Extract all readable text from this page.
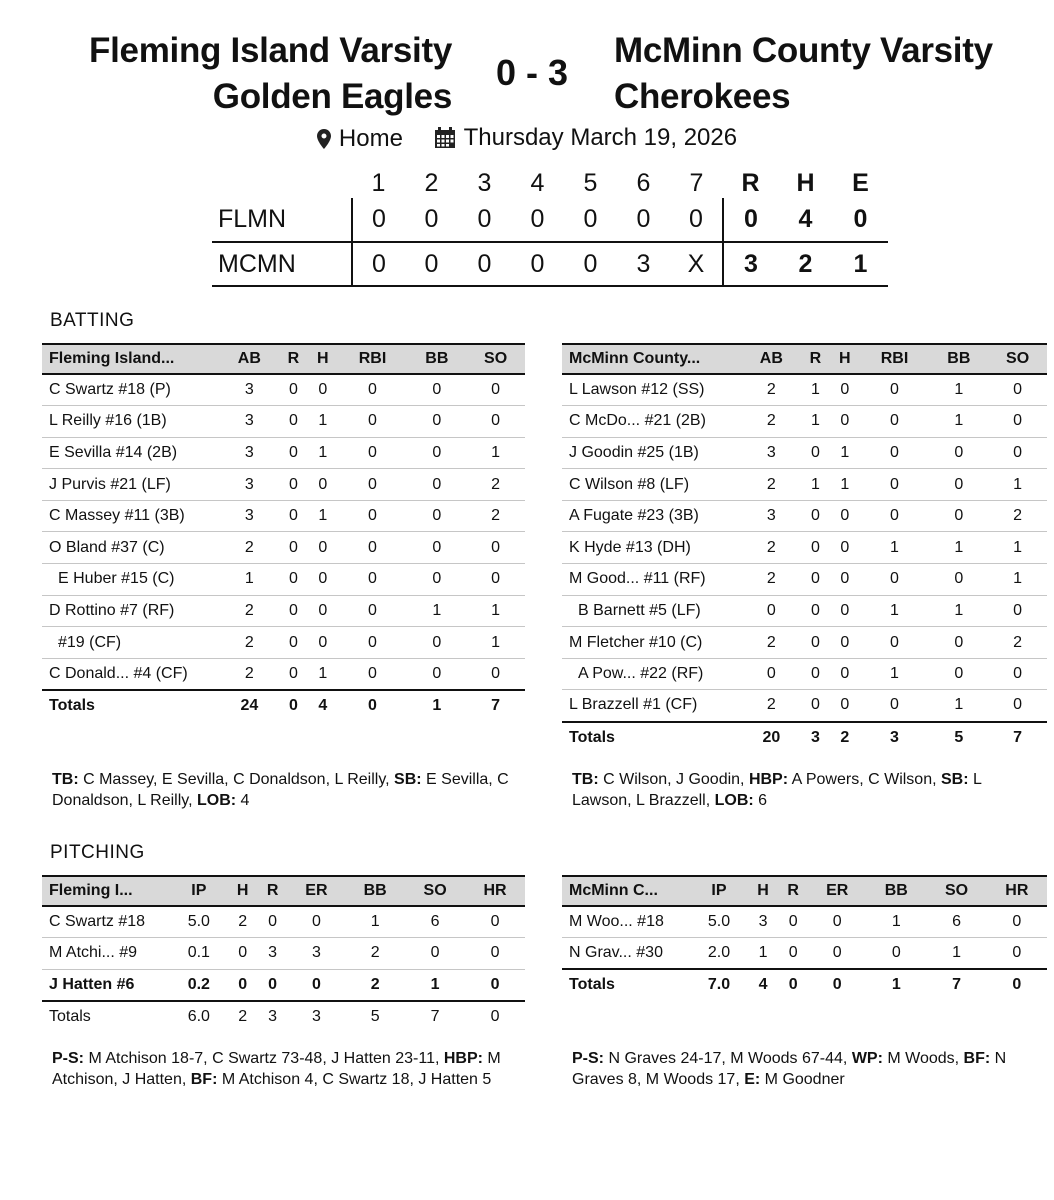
Fleming Island Varsity
Golden Eagles
0 - 3
McMinn County Varsity
Cherokees
Home
	Thursday March 19, 2026
	1	2	3	4	5	6	7	R	H	E
FLMN	0	0	0	0	0	0	0	0	4	0
MCMN	0	0	0	0	0	3	X	3	2	1
BATTING
Fleming Island...	AB	R	H	RBI	BB	SO
C Swartz #18 (P)	3	0	0	0	0	0
L Reilly #16 (1B)	3	0	1	0	0	0
E Sevilla #14 (2B)	3	0	1	0	0	1
J Purvis #21 (LF)	3	0	0	0	0	2
C Massey #11 (3B)	3	0	1	0	0	2
O Bland #37 (C)	2	0	0	0	0	0
E Huber #15 (C)	1	0	0	0	0	0
D Rottino #7 (RF)	2	0	0	0	1	1
#19 (CF)	2	0	0	0	0	1
C Donald... #4 (CF)	2	0	1	0	0	0
Totals	24	0	4	0	1	7
McMinn County...	AB	R	H	RBI	BB	SO
L Lawson #12 (SS)	2	1	0	0	1	0
C McDo... #21 (2B)	2	1	0	0	1	0
J Goodin #25 (1B)	3	0	1	0	0	0
C Wilson #8 (LF)	2	1	1	0	0	1
A Fugate #23 (3B)	3	0	0	0	0	2
K Hyde #13 (DH)	2	0	0	1	1	1
M Good... #11 (RF)	2	0	0	0	0	1
B Barnett #5 (LF)	0	0	0	1	1	0
M Fletcher #10 (C)	2	0	0	0	0	2
A Pow... #22 (RF)	0	0	0	1	0	0
L Brazzell #1 (CF)	2	0	0	0	1	0
Totals	20	3	2	3	5	7
TB: C Massey, E Sevilla, C Donaldson, L Reilly, SB: E Sevilla, C Donaldson, L Reilly, LOB: 4
TB: C Wilson, J Goodin, HBP: A Powers, C Wilson, SB: L Lawson, L Brazzell, LOB: 6
PITCHING
Fleming I...	IP	H	R	ER	BB	SO	HR
C Swartz #18	5.0	2	0	0	1	6	0
M Atchi... #9	0.1	0	3	3	2	0	0
J Hatten #6	0.2	0	0	0	2	1	0
Totals	6.0	2	3	3	5	7	0
McMinn C...	IP	H	R	ER	BB	SO	HR
M Woo... #18	5.0	3	0	0	1	6	0
N Grav... #30	2.0	1	0	0	0	1	0
Totals	7.0	4	0	0	1	7	0
P-S: M Atchison 18-7, C Swartz 73-48, J Hatten 23-11, HBP: M Atchison, J Hatten, BF: M Atchison 4, C Swartz 18, J Hatten 5
P-S: N Graves 24-17, M Woods 67-44, WP: M Woods, BF: N Graves 8, M Woods 17, E: M Goodner
